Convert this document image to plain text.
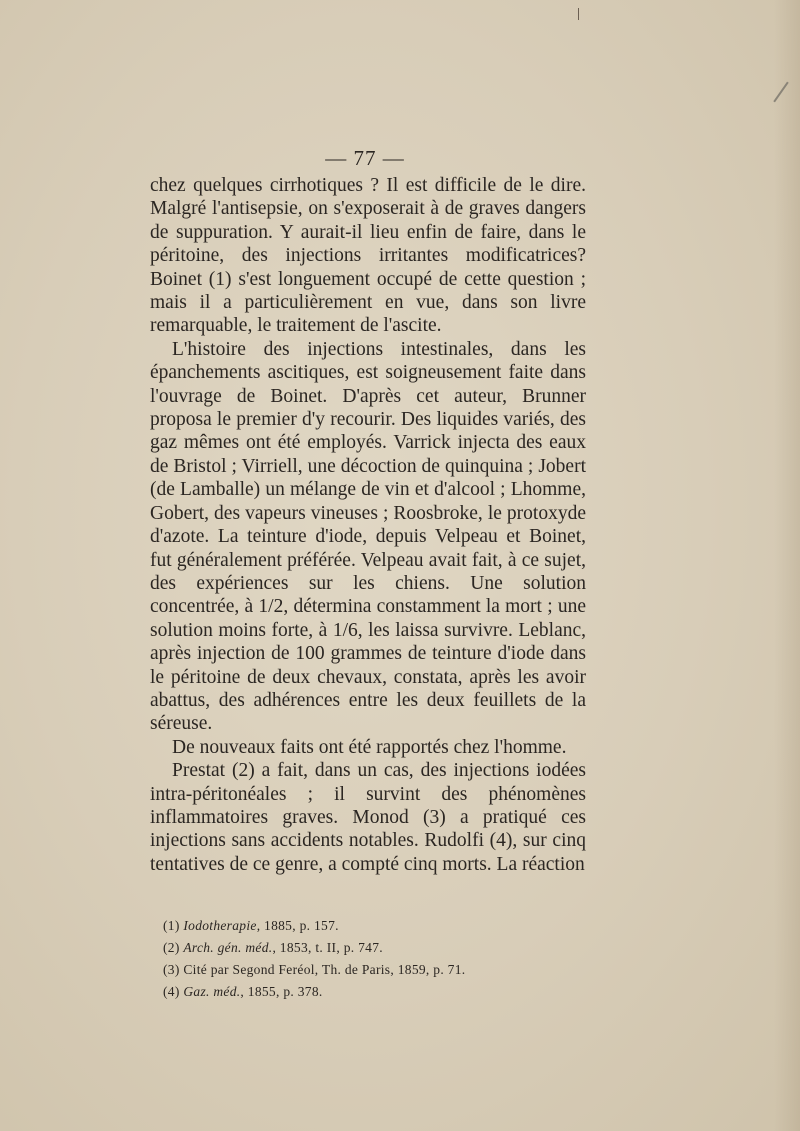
— 77 —

chez quelques cirrhotiques ? Il est difficile de le dire. Malgré l'antisepsie, on s'exposerait à de graves dangers de suppuration. Y aurait-il lieu enfin de faire, dans le péritoine, des injections irritantes modificatrices? Boinet (1) s'est longuement occupé de cette question ; mais il a particulièrement en vue, dans son livre remarquable, le traitement de l'ascite.

L'histoire des injections intestinales, dans les épanchements ascitiques, est soigneusement faite dans l'ouvrage de Boinet. D'après cet auteur, Brunner proposa le premier d'y recourir. Des liquides variés, des gaz mêmes ont été employés. Varrick injecta des eaux de Bristol ; Virriell, une décoction de quinquina ; Jobert (de Lamballe) un mélange de vin et d'alcool ; Lhomme, Gobert, des vapeurs vineuses ; Roosbroke, le protoxyde d'azote. La teinture d'iode, depuis Velpeau et Boinet, fut généralement préférée. Velpeau avait fait, à ce sujet, des expériences sur les chiens. Une solution concentrée, à 1/2, détermina constamment la mort ; une solution moins forte, à 1/6, les laissa survivre. Leblanc, après injection de 100 grammes de teinture d'iode dans le péritoine de deux chevaux, constata, après les avoir abattus, des adhérences entre les deux feuillets de la séreuse.

De nouveaux faits ont été rapportés chez l'homme.

Prestat (2) a fait, dans un cas, des injections iodées intra-péritonéales ; il survint des phénomènes inflammatoires graves. Monod (3) a pratiqué ces injections sans accidents notables. Rudolfi (4), sur cinq tentatives de ce genre, a compté cinq morts. La réaction

(1) Iodotherapie, 1885, p. 157.

(2) Arch. gén. méd., 1853, t. II, p. 747.

(3) Cité par Segond Feréol, Th. de Paris, 1859, p. 71.

(4) Gaz. méd., 1855, p. 378.
